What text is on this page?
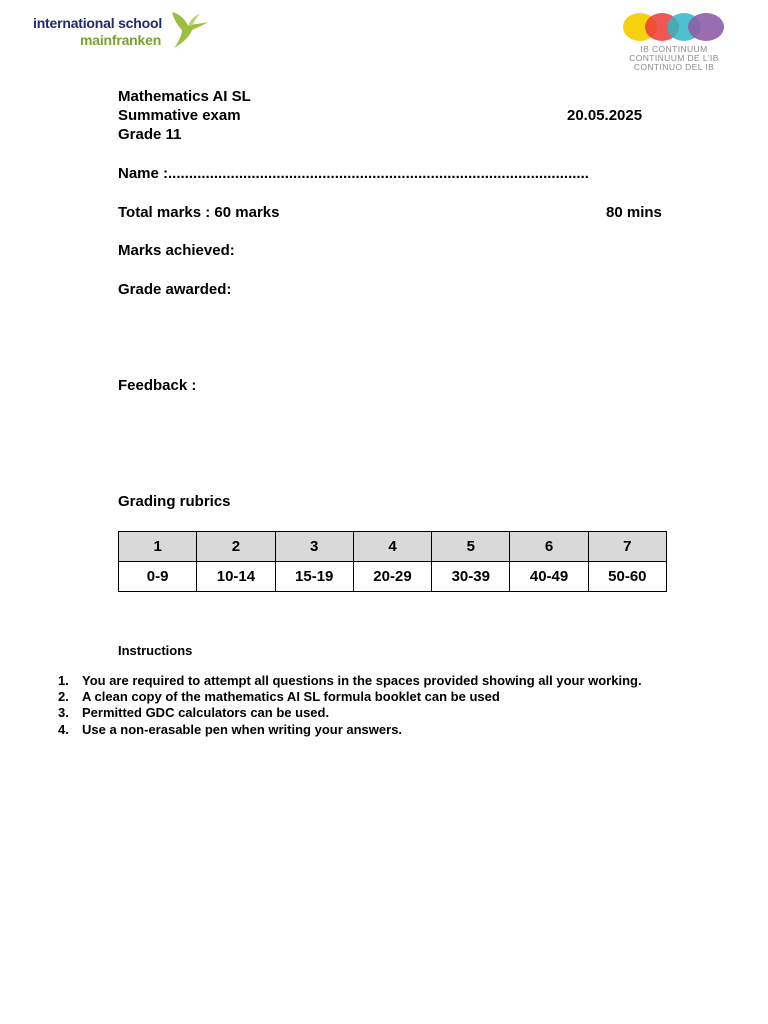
international school
mainfranken
IB CONTINUUM
CONTINUUM DE L'IB
CONTINUO DEL IB
Mathematics AI SL
Summative exam	20.05.2025
Grade 11
Name :.....................................................................................................
Total marks : 60 marks	80 mins
Marks achieved:
Grade awarded:
Feedback :
Grading rubrics
1	2	3	4	5	6	7
0-9	10-14	15-19	20-29	30-39	40-49	50-60
Instructions
1. You are required to attempt all questions in the spaces provided showing all your working.
2. A clean copy of the mathematics AI SL formula booklet can be used
3. Permitted GDC calculators can be used.
4. Use a non-erasable pen when writing your answers.
